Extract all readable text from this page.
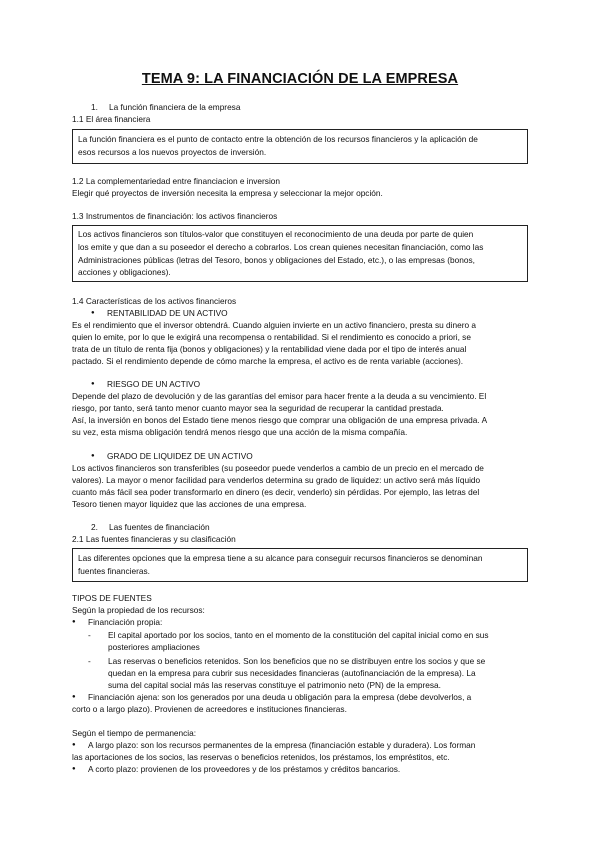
TEMA 9: LA FINANCIACIÓN DE LA EMPRESA
1. La función financiera de la empresa
1.1 El área financiera
La función financiera es el punto de contacto entre la obtención de los recursos financieros y la aplicación de
esos recursos a los nuevos proyectos de inversión.
1.2 La complementariedad entre financiacion e inversion
Elegir qué proyectos de inversión necesita la empresa y seleccionar la mejor opción.
1.3 Instrumentos de financiación: los activos financieros
Los activos financieros son títulos-valor que constituyen el reconocimiento de una deuda por parte de quien
los emite y que dan a su poseedor el derecho a cobrarlos. Los crean quienes necesitan financiación, como las
Administraciones públicas (letras del Tesoro, bonos y obligaciones del Estado, etc.), o las empresas (bonos,
acciones y obligaciones).
1.4 Características de los activos financieros
● RENTABILIDAD DE UN ACTIVO
Es el rendimiento que el inversor obtendrá. Cuando alguien invierte en un activo financiero, presta su dinero a
quien lo emite, por lo que le exigirá una recompensa o rentabilidad. Si el rendimiento es conocido a priori, se
trata de un título de renta fija (bonos y obligaciones) y la rentabilidad viene dada por el tipo de interés anual
pactado. Si el rendimiento depende de cómo marche la empresa, el activo es de renta variable (acciones).
● RIESGO DE UN ACTIVO
Depende del plazo de devolución y de las garantías del emisor para hacer frente a la deuda a su vencimiento. El
riesgo, por tanto, será tanto menor cuanto mayor sea la seguridad de recuperar la cantidad prestada.
Así, la inversión en bonos del Estado tiene menos riesgo que comprar una obligación de una empresa privada. A
su vez, esta misma obligación tendrá menos riesgo que una acción de la misma compañía.
● GRADO DE LIQUIDEZ DE UN ACTIVO
Los activos financieros son transferibles (su poseedor puede venderlos a cambio de un precio en el mercado de
valores). La mayor o menor facilidad para venderlos determina su grado de liquidez: un activo será más líquido
cuanto más fácil sea poder transformarlo en dinero (es decir, venderlo) sin pérdidas. Por ejemplo, las letras del
Tesoro tienen mayor liquidez que las acciones de una empresa.
2. Las fuentes de financiación
2.1 Las fuentes financieras y su clasificación
Las diferentes opciones que la empresa tiene a su alcance para conseguir recursos financieros se denominan
fuentes financieras.
TIPOS DE FUENTES
Según la propiedad de los recursos:
● Financiación propia:
- El capital aportado por los socios, tanto en el momento de la constitución del capital inicial como en sus
posteriores ampliaciones
- Las reservas o beneficios retenidos. Son los beneficios que no se distribuyen entre los socios y que se
quedan en la empresa para cubrir sus necesidades financieras (autofinanciación de la empresa). La
suma del capital social más las reservas constituye el patrimonio neto (PN) de la empresa.
● Financiación ajena: son los generados por una deuda u obligación para la empresa (debe devolverlos, a
corto o a largo plazo). Provienen de acreedores e instituciones financieras.
Según el tiempo de permanencia:
● A largo plazo: son los recursos permanentes de la empresa (financiación estable y duradera). Los forman
las aportaciones de los socios, las reservas o beneficios retenidos, los préstamos, los empréstitos, etc.
● A corto plazo: provienen de los proveedores y de los préstamos y créditos bancarios.
